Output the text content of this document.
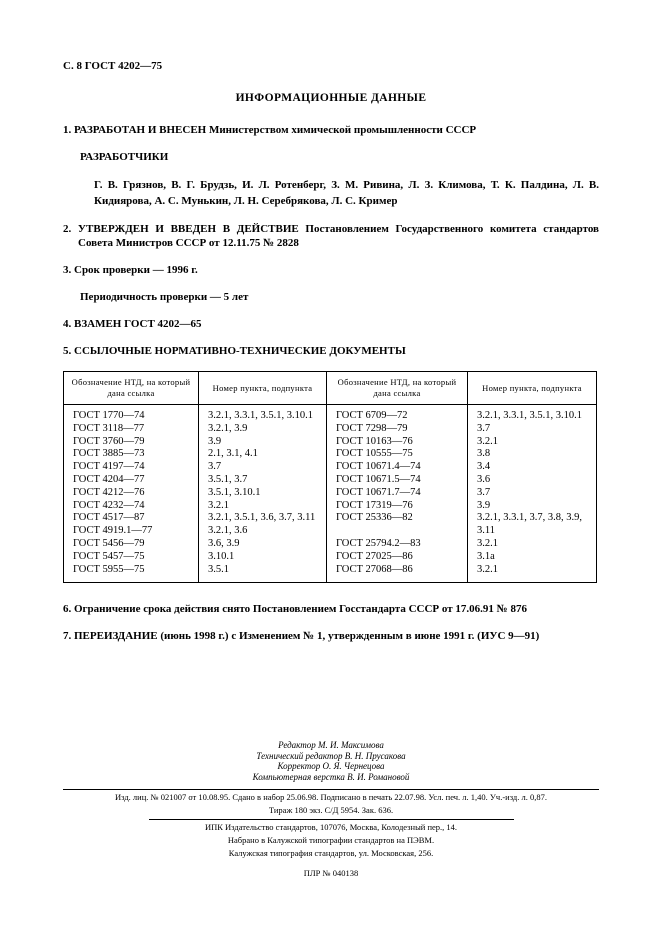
С. 8 ГОСТ 4202—75
ИНФОРМАЦИОННЫЕ ДАННЫЕ

1. РАЗРАБОТАН И ВНЕСЕН Министерством химической промышленности СССР

РАЗРАБОТЧИКИ

Г. В. Грязнов, В. Г. Брудзь, И. Л. Ротенберг, З. М. Ривина, Л. З. Климова, Т. К. Палдина, Л. В. Кидиярова, А. С. Мунькин, Л. Н. Серебрякова, Л. С. Кример

2. УТВЕРЖДЕН И ВВЕДЕН В ДЕЙСТВИЕ Постановлением Государственного комитета стандартов Совета Министров СССР от 12.11.75 № 2828

3. Срок проверки — 1996 г.

Периодичность проверки — 5 лет

4. ВЗАМЕН ГОСТ 4202—65

5. ССЫЛОЧНЫЕ НОРМАТИВНО-ТЕХНИЧЕСКИЕ ДОКУМЕНТЫ

Обозначение НТД, на который дана ссылка	Номер пункта, подпункта	Обозначение НТД, на который дана ссылка	Номер пункта, подпункта
ГОСТ 1770—74	3.2.1, 3.3.1, 3.5.1, 3.10.1	ГОСТ 6709—72	3.2.1, 3.3.1, 3.5.1, 3.10.1
ГОСТ 3118—77	3.2.1, 3.9	ГОСТ 7298—79	3.7
ГОСТ 3760—79	3.9	ГОСТ 10163—76	3.2.1
ГОСТ 3885—73	2.1, 3.1, 4.1	ГОСТ 10555—75	3.8
ГОСТ 4197—74	3.7	ГОСТ 10671.4—74	3.4
ГОСТ 4204—77	3.5.1, 3.7	ГОСТ 10671.5—74	3.6
ГОСТ 4212—76	3.5.1, 3.10.1	ГОСТ 10671.7—74	3.7
ГОСТ 4232—74	3.2.1	ГОСТ 17319—76	3.9
ГОСТ 4517—87	3.2.1, 3.5.1, 3.6, 3.7, 3.11	ГОСТ 25336—82	3.2.1, 3.3.1, 3.7, 3.8, 3.9,
ГОСТ 4919.1—77	3.2.1, 3.6		3.11
ГОСТ 5456—79	3.6, 3.9	ГОСТ 25794.2—83	3.2.1
ГОСТ 5457—75	3.10.1	ГОСТ 27025—86	3.1а
ГОСТ 5955—75	3.5.1	ГОСТ 27068—86	3.2.1

6. Ограничение срока действия снято Постановлением Госстандарта СССР от 17.06.91 № 876

7. ПЕРЕИЗДАНИЕ (июнь 1998 г.) с Изменением № 1, утвержденным в июне 1991 г. (ИУС 9—91)

Редактор М. И. Максимова
Технический редактор В. Н. Прусакова
Корректор О. Я. Чернецова
Компьютерная верстка В. И. Романовой
Изд. лиц. № 021007 от 10.08.95. Сдано в набор 25.06.98. Подписано в печать 22.07.98. Усл. печ. л. 1,40. Уч.-изд. л. 0,87.
Тираж 180 экз. С/Д 5954. Зак. 636.
ИПК Издательство стандартов, 107076, Москва, Колодезный пер., 14.
Набрано в Калужской типографии стандартов на ПЭВМ.
Калужская типография стандартов, ул. Московская, 256.
ПЛР № 040138
